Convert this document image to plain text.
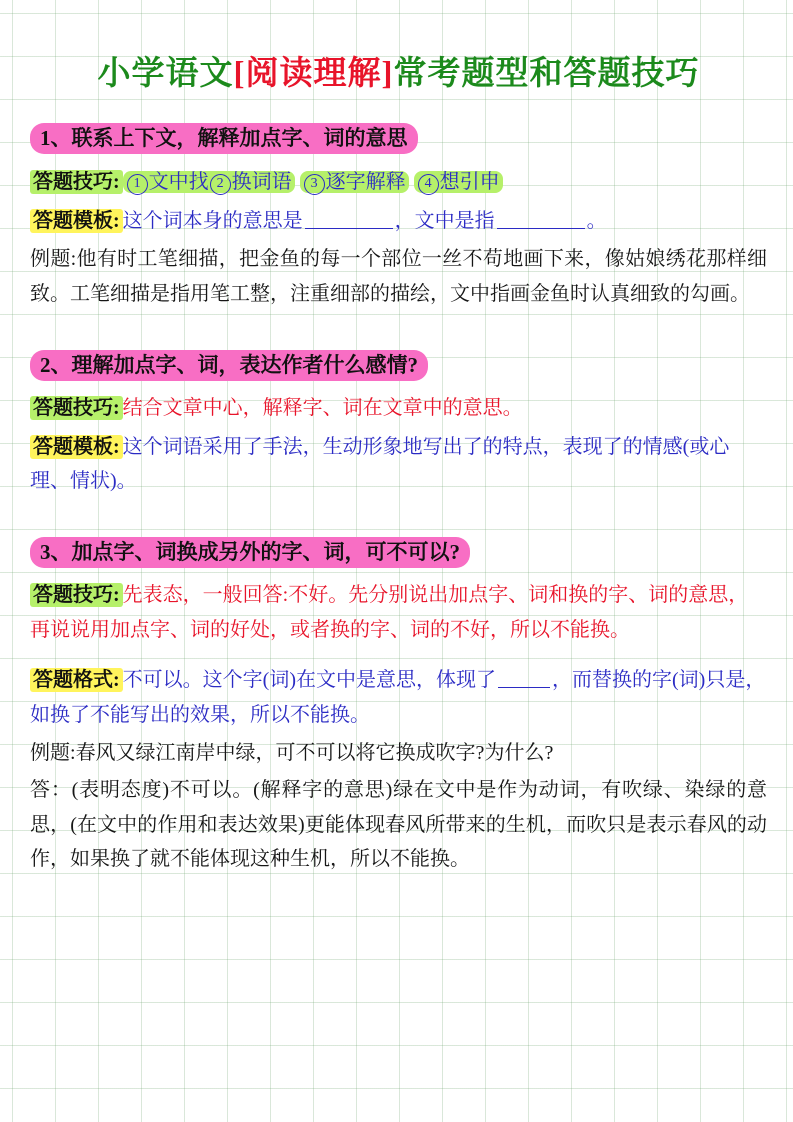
小学语文[阅读理解]常考题型和答题技巧
1、联系上下文，解释加点字、词的意思
答题技巧: 1 文中找 2 换词语 3 逐字解释 4 想引申
答题模板: 这个词本身的意思是	，文中是指	。
例题:他有时工笔细描，把金鱼的每一个部位一丝不苟地画下来，像姑娘绣花那样细致。工笔细描是指用笔工整，注重细部的描绘，文中指画金鱼时认真细致的勾画。
2、理解加点字、词，表达作者什么感情?
答题技巧: 结合文章中心，解释字、词在文章中的意思。
答题模板: 这个词语采用了手法，生动形象地写出了的特点，表现了的情感(或心理、情状)。
3、加点字、词换成另外的字、词，可不可以?
答题技巧: 先表态，一般回答:不好。先分别说出加点字、词和换的字、词的意思，再说说用加点字、词的好处，或者换的字、词的不好，所以不能换。
答题格式: 不可以。这个字(词)在文中是意思，体现了	，而替换的字(词)只是，如换了不能写出的效果，所以不能换。
例题:春风又绿江南岸中绿，可不可以将它换成吹字?为什么?
答：(表明态度)不可以。(解释字的意思)绿在文中是作为动词，有吹绿、染绿的意思，(在文中的作用和表达效果)更能体现春风所带来的生机，而吹只是表示春风的动作，如果换了就不能体现这种生机，所以不能换。
